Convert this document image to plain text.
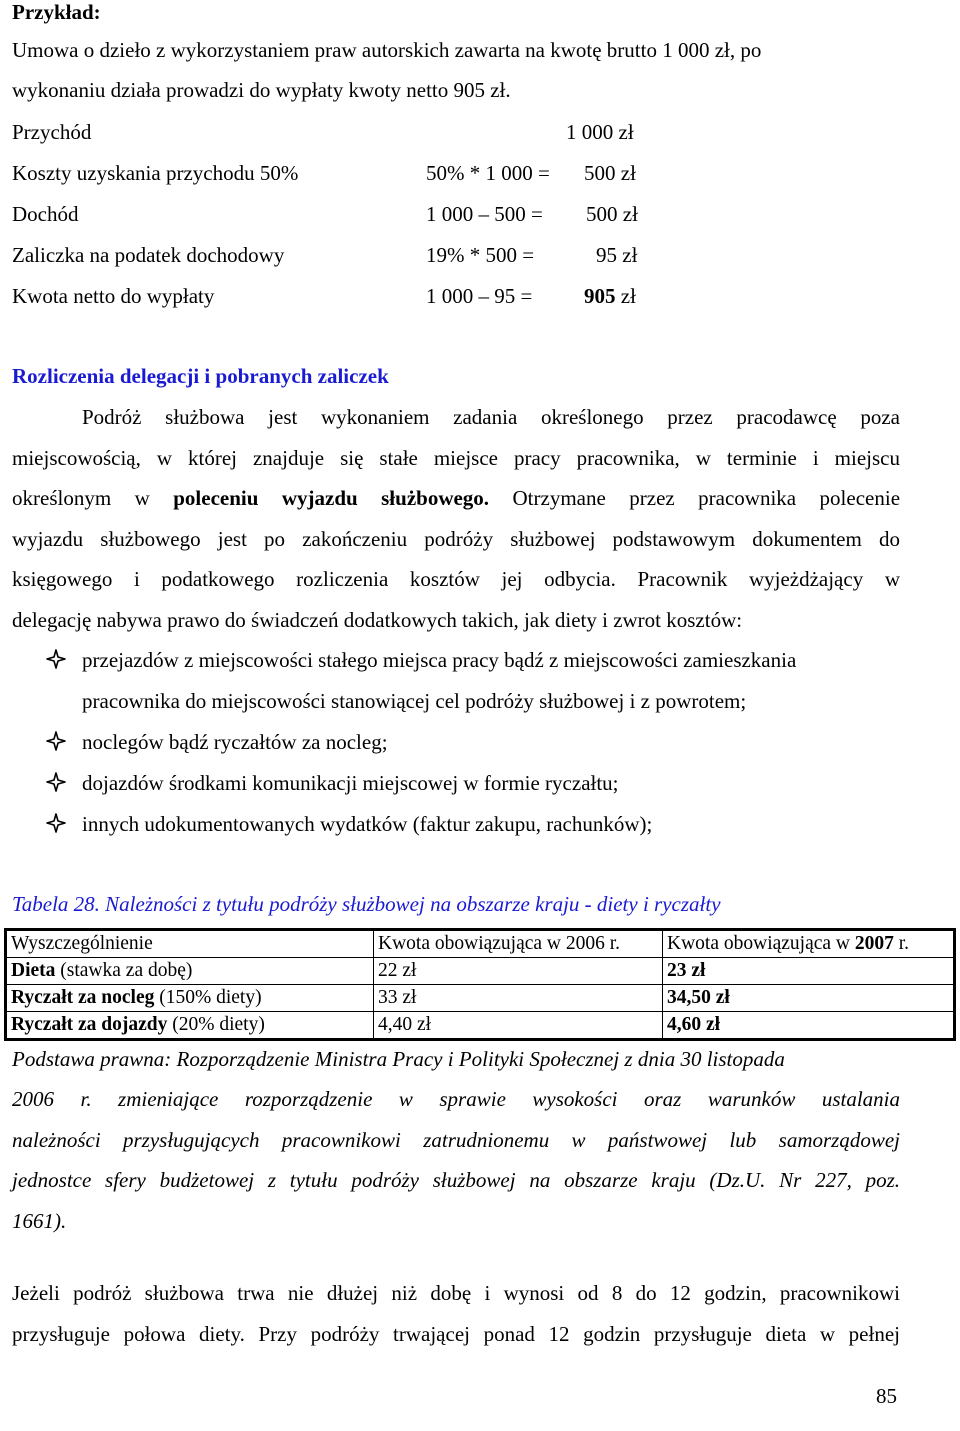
Przykład:
Umowa o dzieło z wykorzystaniem praw autorskich zawarta na kwotę brutto 1 000 zł, po
wykonaniu działa prowadzi do wypłaty kwoty netto 905 zł.
Przychód	1 000 zł
Koszty uzyskania przychodu 50%	50% * 1 000 = 500 zł
Dochód	1 000 – 500 = 500 zł
Zaliczka na podatek dochodowy	19% * 500 =	95 zł
Kwota netto do wypłaty	1 000 – 95 = 905 zł
Rozliczenia delegacji i pobranych zaliczek
Podróż służbowa jest wykonaniem zadania określonego przez pracodawcę poza
miejscowością, w której znajduje się stałe miejsce pracy pracownika, w terminie i miejscu
określonym w poleceniu wyjazdu służbowego. Otrzymane przez pracownika polecenie
wyjazdu służbowego jest po zakończeniu podróży służbowej podstawowym dokumentem do
księgowego i podatkowego rozliczenia kosztów jej odbycia. Pracownik wyjeżdżający w
delegację nabywa prawo do świadczeń dodatkowych takich, jak diety i zwrot kosztów:
przejazdów z miejscowości stałego miejsca pracy bądź z miejscowości zamieszkania
pracownika do miejscowości stanowiącej cel podróży służbowej i z powrotem;
noclegów bądź ryczałtów za nocleg;
dojazdów środkami komunikacji miejscowej w formie ryczałtu;
innych udokumentowanych wydatków (faktur zakupu, rachunków);
Tabela 28. Należności z tytułu podróży służbowej na obszarze kraju - diety i ryczałty
Wyszczególnienie	Kwota obowiązująca w 2006 r.	Kwota obowiązująca w 2007 r.
Dieta (stawka za dobę)	22 zł	23 zł
Ryczałt za nocleg (150% diety)	33 zł	34,50 zł
Ryczałt za dojazdy (20% diety)	4,40 zł	4,60 zł
Podstawa prawna: Rozporządzenie Ministra Pracy i Polityki Społecznej z dnia 30 listopada
2006 r. zmieniające rozporządzenie w sprawie wysokości oraz warunków ustalania
należności przysługujących pracownikowi zatrudnionemu w państwowej lub samorządowej
jednostce sfery budżetowej z tytułu podróży służbowej na obszarze kraju (Dz.U. Nr 227, poz.
1661).
Jeżeli podróż służbowa trwa nie dłużej niż dobę i wynosi od 8 do 12 godzin, pracownikowi
przysługuje połowa diety. Przy podróży trwającej ponad 12 godzin przysługuje dieta w pełnej
85
